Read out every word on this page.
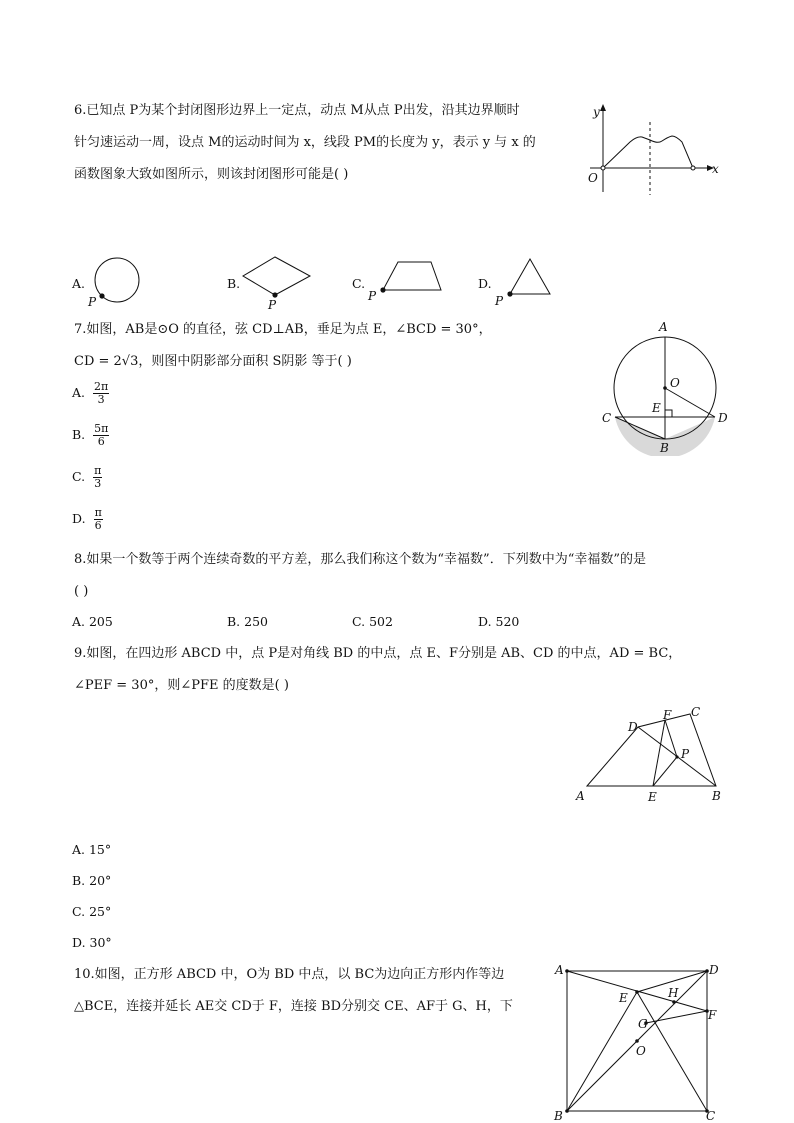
6.已知点 P为某个封闭图形边界上一定点，动点 M从点 P出发，沿其边界顺时
针匀速运动一周，设点 M的运动时间为 x，线段 PM的长度为 y，表示 y 与 x 的
函数图象大致如图所示，则该封闭图形可能是( )
y
x
O
A.
P
B.
P
C.
P
D.
P
7.如图，AB是⊙O 的直径，弦 CD⊥AB，垂足为点 E，∠BCD = 30°，
CD = 2√3，则图中阴影部分面积 S阴影 等于( )
A. $\frac{2\pi}{3}$
B. $\frac{5\pi}{6}$
C. $\frac{\pi}{3}$
D. $\frac{\pi}{6}$
A
O
E
C	D
B
8.如果一个数等于两个连续奇数的平方差，那么我们称这个数为“幸福数”．下列数中为“幸福数”的是
( )
A. 205	B. 250	C. 502	D. 520
9.如图，在四边形 ABCD 中，点 P是对角线 BD 的中点，点 E、F分别是 AB、CD 的中点，AD = BC，
∠PEF = 30°，则∠PFE 的度数是( )
D
F C
P
A	E	B
A. 15°
B. 20°
C. 25°
D. 30°
10.如图，正方形 ABCD 中，O为 BD 中点，以 BC为边向正方形内作等边
△BCE，连接并延长 AE交 CD于 F，连接 BD分别交 CE、AF于 G、H，下
A	D
E	H
F
G
O
B	C
